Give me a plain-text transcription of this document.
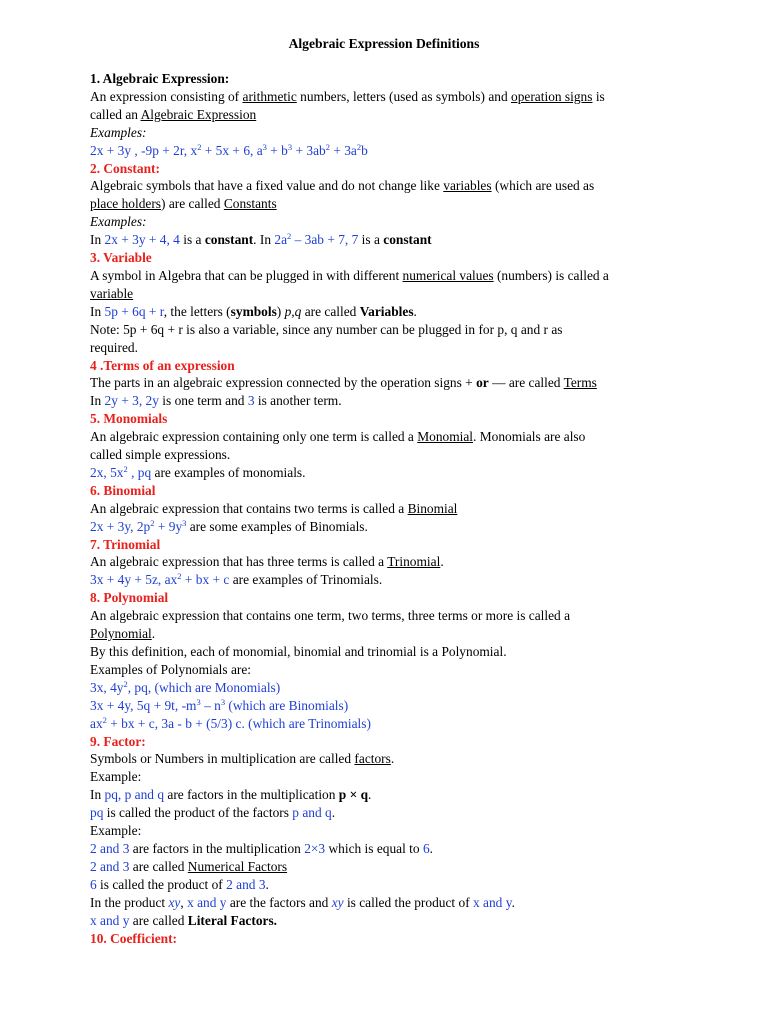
Algebraic Expression Definitions
1. Algebraic Expression:
An expression consisting of arithmetic numbers, letters (used as symbols) and operation signs is
called an Algebraic Expression
Examples:
2x + 3y , -9p + 2r, $x^2 + 5x + 6$, $a^3 + b^3 + 3ab^2 + 3a^2b$
2. Constant:
Algebraic symbols that have a fixed value and do not change like variables (which are used as
place holders) are called Constants
Examples:
In 2x + 3y + 4, 4 is a constant. In $2a^2 - 3ab + 7$, 7 is a constant
3. Variable
A symbol in Algebra that can be plugged in with different numerical values (numbers) is called a
variable
In 5p + 6q + r, the letters (symbols) p,q are called Variables.
Note: 5p + 6q + r is also a variable, since any number can be plugged in for p, q and r as
required.
4 .Terms of an expression
The parts in an algebraic expression connected by the operation signs + or — are called Terms
In 2y + 3, 2y is one term and 3 is another term.
5. Monomials
An algebraic expression containing only one term is called a Monomial. Monomials are also
called simple expressions.
2x, $5x^2$ , pq are examples of monomials.
6. Binomial
An algebraic expression that contains two terms is called a Binomial
2x + 3y, $2p^2 + 9y^3$ are some examples of Binomials.
7. Trinomial
An algebraic expression that has three terms is called a Trinomial.
3x + 4y + 5z, $ax^2$ + bx + c are examples of Trinomials.
8. Polynomial
An algebraic expression that contains one term, two terms, three terms or more is called a
Polynomial.
By this definition, each of monomial, binomial and trinomial is a Polynomial.
Examples of Polynomials are:
3x, $4y^2$, pq, (which are Monomials)
3x + 4y, 5q + 9t, $-m^3 - n^3$ (which are Binomials)
$ax^2$ + bx + c, 3a - b + (5/3) c. (which are Trinomials)
9. Factor:
Symbols or Numbers in multiplication are called factors.
Example:
In pq, p and q are factors in the multiplication p × q.
pq is called the product of the factors p and q.
Example:
2 and 3 are factors in the multiplication 2×3 which is equal to 6.
2 and 3 are called Numerical Factors
6 is called the product of 2 and 3.
In the product xy, x and y are the factors and xy is called the product of x and y.
x and y are called Literal Factors.
10. Coefficient:
